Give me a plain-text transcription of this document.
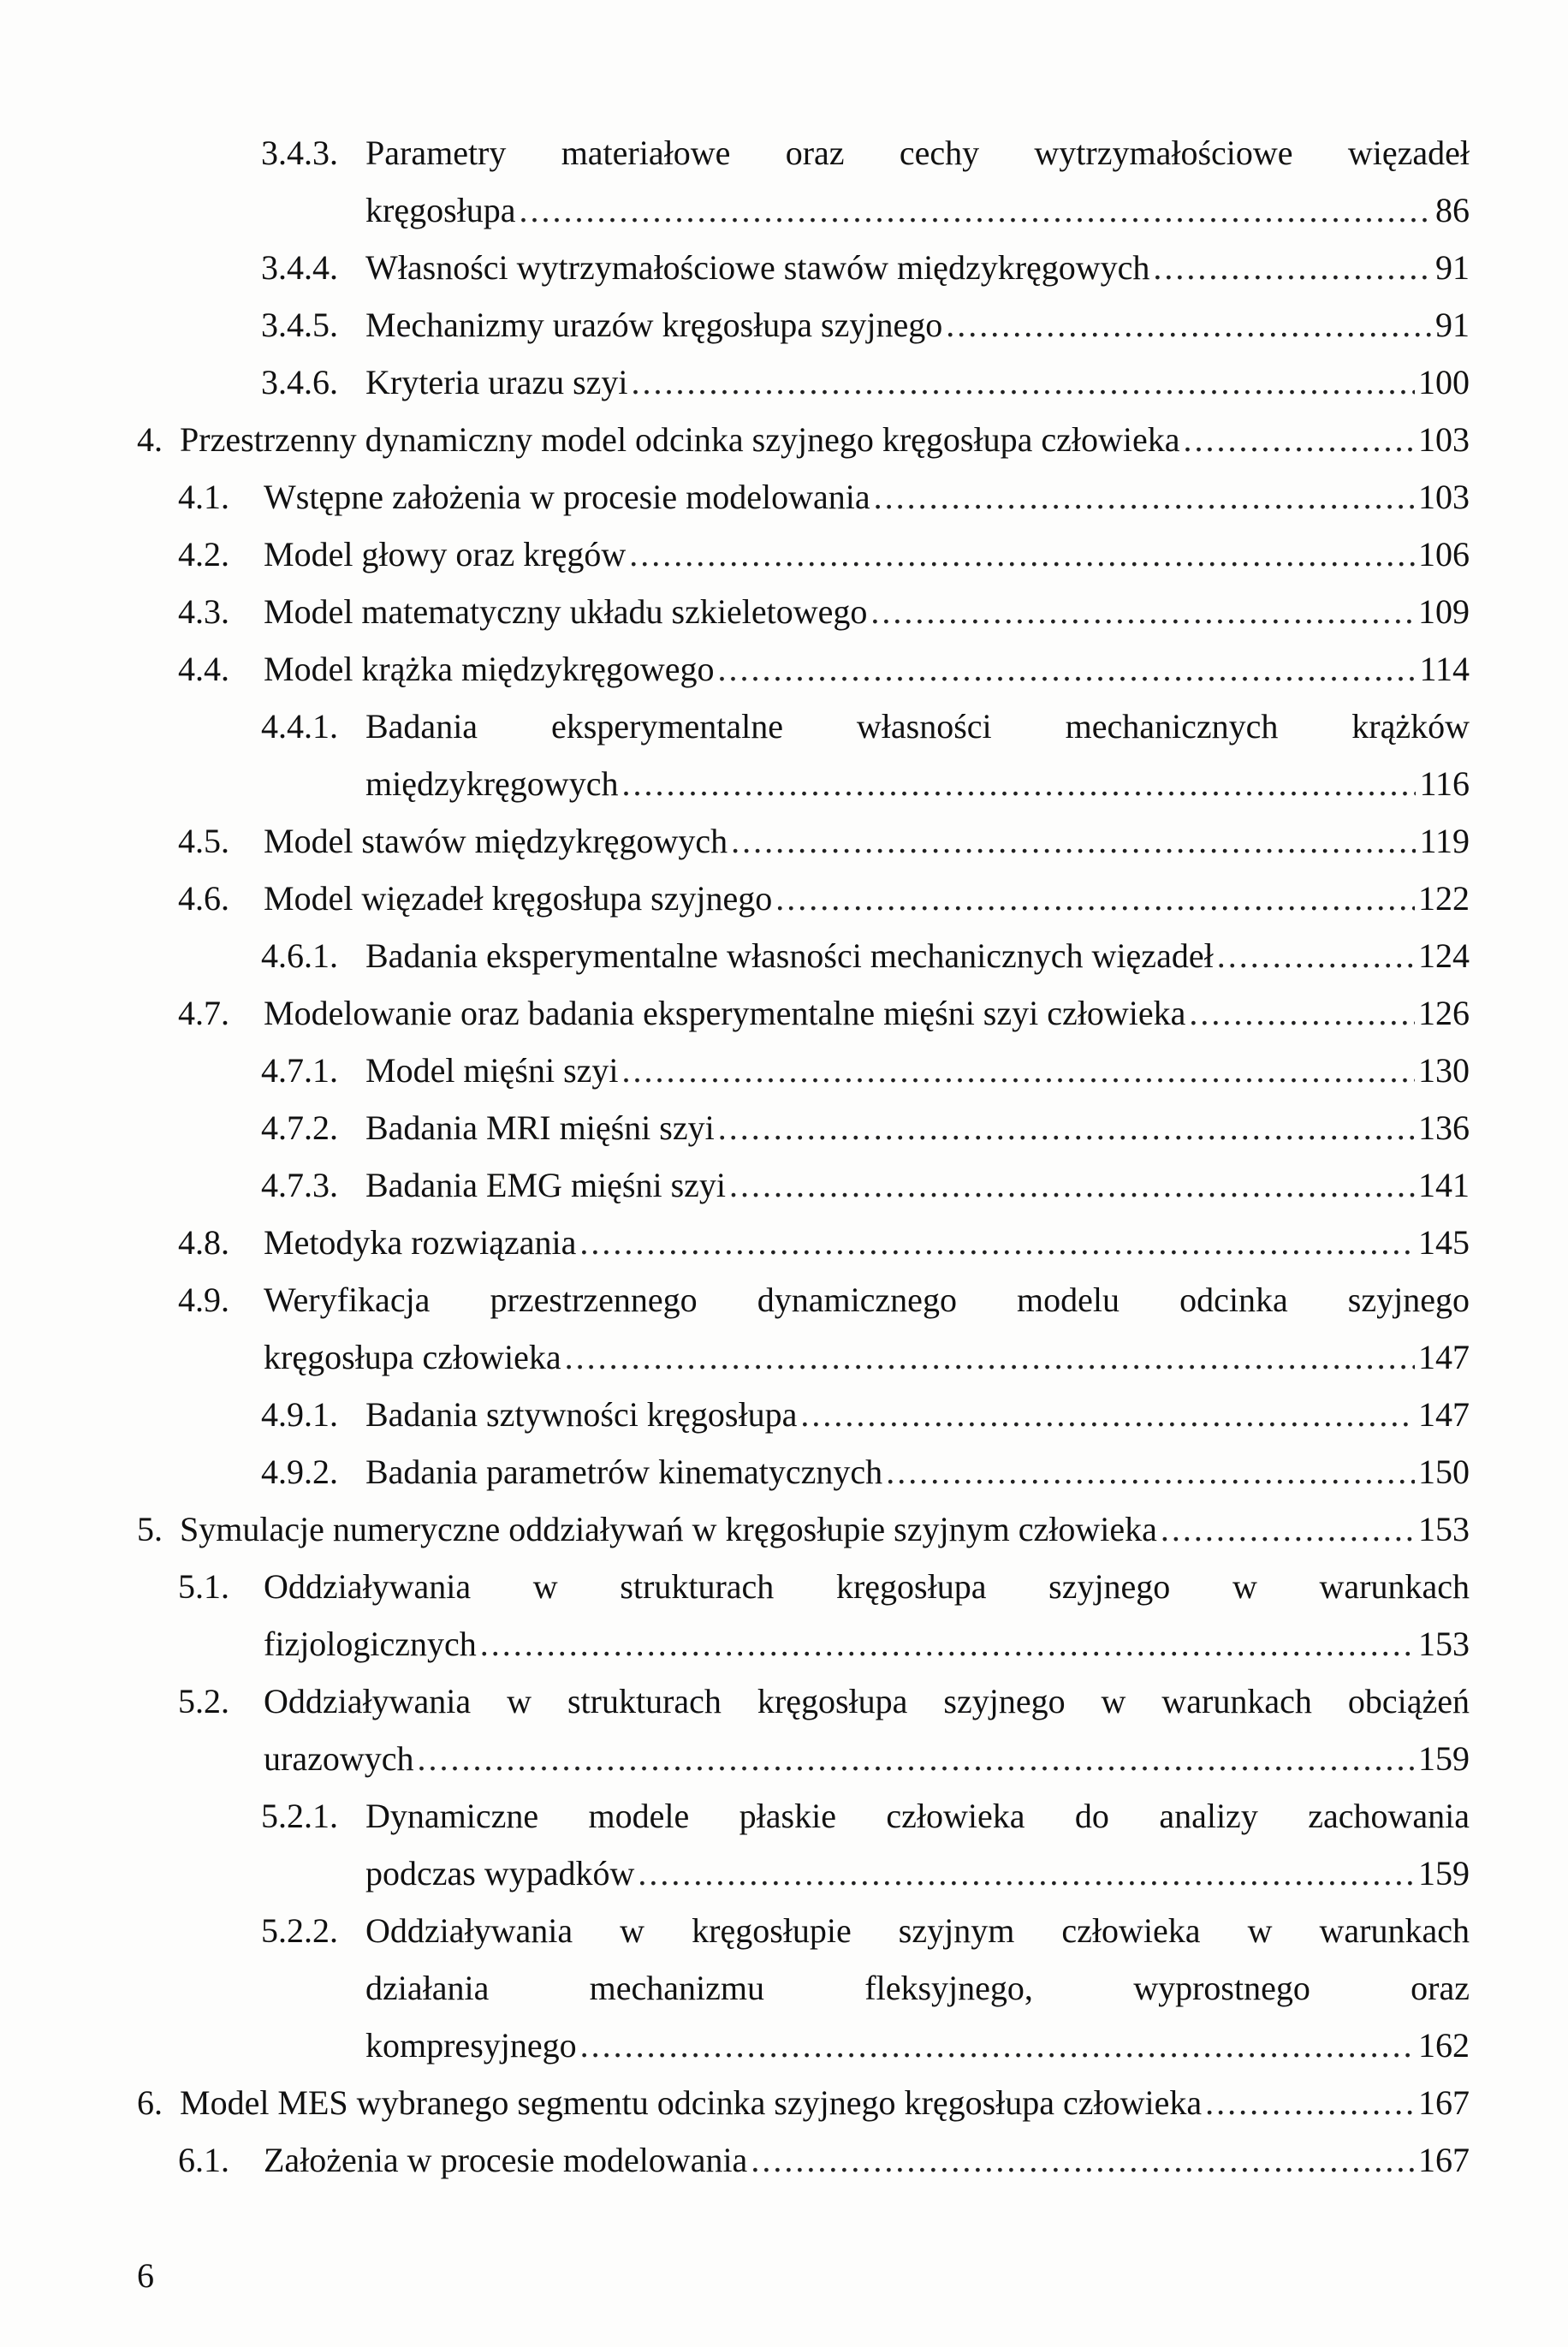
3.4.3. Parametry materiałowe oraz cechy wytrzymałościowe więzadeł
kręgosłupa .....	86
3.4.4. Własności wytrzymałościowe stawów międzykręgowych .....	91
3.4.5. Mechanizmy urazów kręgosłupa szyjnego .....	91
3.4.6. Kryteria urazu szyi .....	100
4. Przestrzenny dynamiczny model odcinka szyjnego kręgosłupa człowieka .....	103
4.1. Wstępne założenia w procesie modelowania .....	103
4.2. Model głowy oraz kręgów .....	106
4.3. Model matematyczny układu szkieletowego .....	109
4.4. Model krążka międzykręgowego .....	114
4.4.1. Badania eksperymentalne własności mechanicznych krążków
międzykręgowych .....	116
4.5. Model stawów międzykręgowych .....	119
4.6. Model więzadeł kręgosłupa szyjnego .....	122
4.6.1. Badania eksperymentalne własności mechanicznych więzadeł .....	124
4.7. Modelowanie oraz badania eksperymentalne mięśni szyi człowieka .....	126
4.7.1. Model mięśni szyi .....	130
4.7.2. Badania MRI mięśni szyi .....	136
4.7.3. Badania EMG mięśni szyi .....	141
4.8. Metodyka rozwiązania .....	145
4.9. Weryfikacja przestrzennego dynamicznego modelu odcinka szyjnego
kręgosłupa człowieka .....	147
4.9.1. Badania sztywności kręgosłupa .....	147
4.9.2. Badania parametrów kinematycznych .....	150
5. Symulacje numeryczne oddziaływań w kręgosłupie szyjnym człowieka .....	153
5.1. Oddziaływania w strukturach kręgosłupa szyjnego w warunkach
fizjologicznych .....	153
5.2. Oddziaływania w strukturach kręgosłupa szyjnego w warunkach obciążeń
urazowych .....	159
5.2.1. Dynamiczne modele płaskie człowieka do analizy zachowania
podczas wypadków .....	159
5.2.2. Oddziaływania w kręgosłupie szyjnym człowieka w warunkach
działania mechanizmu fleksyjnego, wyprostnego oraz
kompresyjnego .....	162
6. Model MES wybranego segmentu odcinka szyjnego kręgosłupa człowieka .....	167
6.1. Założenia w procesie modelowania .....	167
6
